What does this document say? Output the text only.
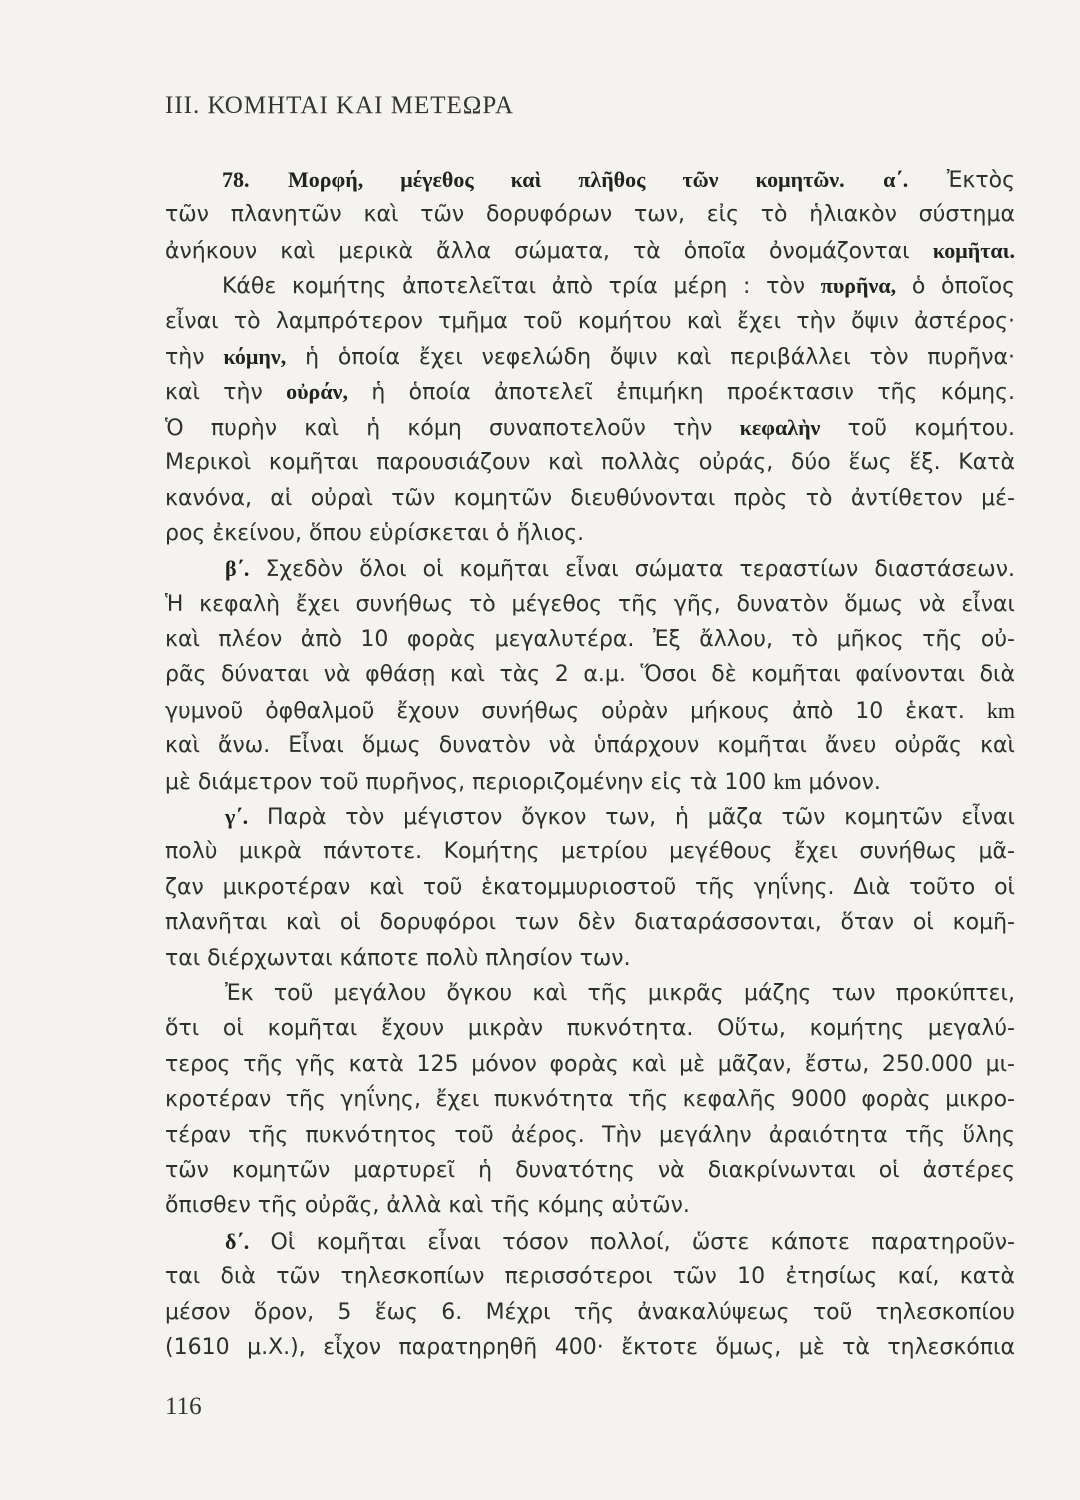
III. ΚΟΜΗΤΑΙ ΚΑΙ ΜΕΤΕΩΡΑ
78. Μορφή, μέγεθος καὶ πλῆθος τῶν κομητῶν. α΄. Ἐκτὸς
τῶν πλανητῶν καὶ τῶν δορυφόρων των, εἰς τὸ ἡλιακὸν σύστημα
ἀνήκουν καὶ μερικὰ ἄλλα σώματα, τὰ ὁποῖα ὀνομάζονται κομῆται.
Κάθε κομήτης ἀποτελεῖται ἀπὸ τρία μέρη : τὸν πυρῆνα, ὁ ὁποῖος
εἶναι τὸ λαμπρότερον τμῆμα τοῦ κομήτου καὶ ἔχει τὴν ὄψιν ἀστέρος·
τὴν κόμην, ἡ ὁποία ἔχει νεφελώδη ὄψιν καὶ περιβάλλει τὸν πυρῆνα·
καὶ τὴν οὐράν, ἡ ὁποία ἀποτελεῖ ἐπιμήκη προέκτασιν τῆς κόμης.
Ὁ πυρὴν καὶ ἡ κόμη συναποτελοῦν τὴν κεφαλὴν τοῦ κομήτου.
Μερικοὶ κομῆται παρουσιάζουν καὶ πολλὰς οὐράς, δύο ἕως ἕξ. Κατὰ
κανόνα, αἱ οὐραὶ τῶν κομητῶν διευθύνονται πρὸς τὸ ἀντίθετον μέ-
ρος ἐκείνου, ὅπου εὑρίσκεται ὁ ἥλιος.
β΄. Σχεδὸν ὅλοι οἱ κομῆται εἶναι σώματα τεραστίων διαστάσεων.
Ἡ κεφαλὴ ἔχει συνήθως τὸ μέγεθος τῆς γῆς, δυνατὸν ὅμως νὰ εἶναι
καὶ πλέον ἀπὸ 10 φορὰς μεγαλυτέρα. Ἐξ ἄλλου, τὸ μῆκος τῆς οὐ-
ρᾶς δύναται νὰ φθάσῃ καὶ τὰς 2 α.μ. Ὅσοι δὲ κομῆται φαίνονται διὰ
γυμνοῦ ὀφθαλμοῦ ἔχουν συνήθως οὐρὰν μήκους ἀπὸ 10 ἑκατ. km
καὶ ἄνω. Εἶναι ὅμως δυνατὸν νὰ ὑπάρχουν κομῆται ἄνευ οὐρᾶς καὶ
μὲ διάμετρον τοῦ πυρῆνος, περιοριζομένην εἰς τὰ 100 km μόνον.
γ΄. Παρὰ τὸν μέγιστον ὄγκον των, ἡ μᾶζα τῶν κομητῶν εἶναι
πολὺ μικρὰ πάντοτε. Κομήτης μετρίου μεγέθους ἔχει συνήθως μᾶ-
ζαν μικροτέραν καὶ τοῦ ἑκατομμυριοστοῦ τῆς γηΐνης. Διὰ τοῦτο οἱ
πλανῆται καὶ οἱ δορυφόροι των δὲν διαταράσσονται, ὅταν οἱ κομῆ-
ται διέρχωνται κάποτε πολὺ πλησίον των.
Ἐκ τοῦ μεγάλου ὄγκου καὶ τῆς μικρᾶς μάζης των προκύπτει,
ὅτι οἱ κομῆται ἔχουν μικρὰν πυκνότητα. Οὕτω, κομήτης μεγαλύ-
τερος τῆς γῆς κατὰ 125 μόνον φορὰς καὶ μὲ μᾶζαν, ἔστω, 250.000 μι-
κροτέραν τῆς γηΐνης, ἔχει πυκνότητα τῆς κεφαλῆς 9000 φορὰς μικρο-
τέραν τῆς πυκνότητος τοῦ ἀέρος. Τὴν μεγάλην ἀραιότητα τῆς ὕλης
τῶν κομητῶν μαρτυρεῖ ἡ δυνατότης νὰ διακρίνωνται οἱ ἀστέρες
ὄπισθεν τῆς οὐρᾶς, ἀλλὰ καὶ τῆς κόμης αὐτῶν.
δ΄. Οἱ κομῆται εἶναι τόσον πολλοί, ὥστε κάποτε παρατηροῦν-
ται διὰ τῶν τηλεσκοπίων περισσότεροι τῶν 10 ἐτησίως καί, κατὰ
μέσον ὅρον, 5 ἕως 6. Μέχρι τῆς ἀνακαλύψεως τοῦ τηλεσκοπίου
(1610 μ.Χ.), εἶχον παρατηρηθῆ 400· ἔκτοτε ὅμως, μὲ τὰ τηλεσκόπια
116
